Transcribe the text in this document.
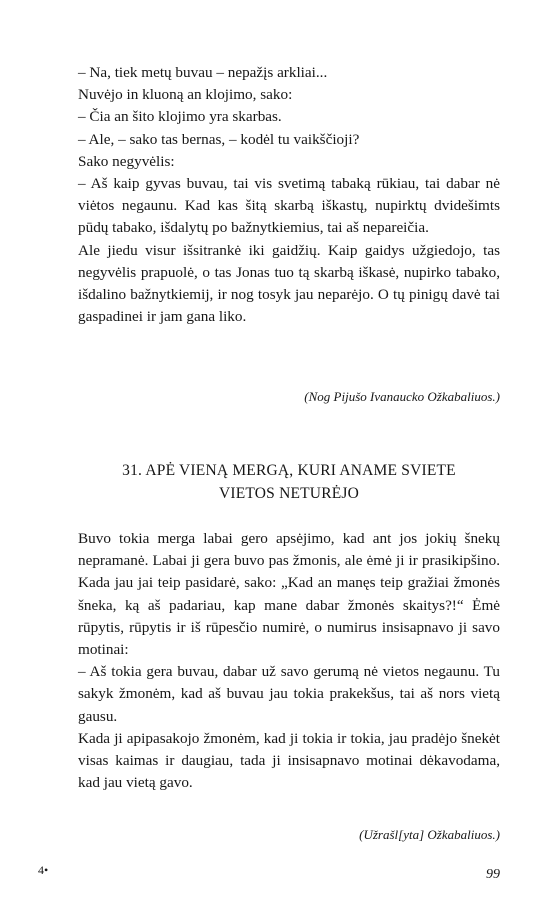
– Na, tiek metų buvau – nepažįs arkliai...

Nuvėjo in kluoną an klojimo, sako:

– Čia an šito klojimo yra skarbas.

– Ale, – sako tas bernas, – kodėl tu vaikščioji?

Sako negyvėlis:

– Aš kaip gyvas buvau, tai vis svetimą tabaką rūkiau, tai dabar nė viėtos negaunu. Kad kas šitą skarbą iškastų, nupirktų dvidešimts pūdų tabako, išdalytų po bažnytkiemius, tai aš nepareičia.

Ale jiedu visur išsitrankė iki gaidžių. Kaip gaidys užgiedojo, tas negyvėlis prapuolė, o tas Jonas tuo tą skarbą iškasė, nupirko tabako, išdalino bažnytkiemij, ir nog tosyk jau neparėjo. O tų pinigų davė tai gaspadinei ir jam gana liko.

(Nog Pijušo Ivanaucko Ožkabaliuos.)
31. APĖ VIENĄ MERGĄ, KURI ANAME SVIETE
VIETOS NETURĖJO

Buvo tokia merga labai gero apsėjimo, kad ant jos jokių šnekų nepramanė. Labai ji gera buvo pas žmonis, ale ėmė ji ir prasikipšino. Kada jau jai teip pasidarė, sako: „Kad an manęs teip gražiai žmonės šneka, ką aš padariau, kap mane dabar žmonės skaitys?!“ Ėmė rūpytis, rūpytis ir iš rūpesčio numirė, o numirus insisapnavo ji savo motinai:

– Aš tokia gera buvau, dabar už savo gerumą nė vietos negaunu. Tu sakyk žmonėm, kad aš buvau jau tokia prakekšus, tai aš nors vietą gausu.

Kada ji apipasakojo žmonėm, kad ji tokia ir tokia, jau pradėjo šnekėt visas kaimas ir daugiau, tada ji insisapnavo motinai dėkavodama, kad jau vietą gavo.

(Užrašl[yta] Ožkabaliuos.)
4•	99
